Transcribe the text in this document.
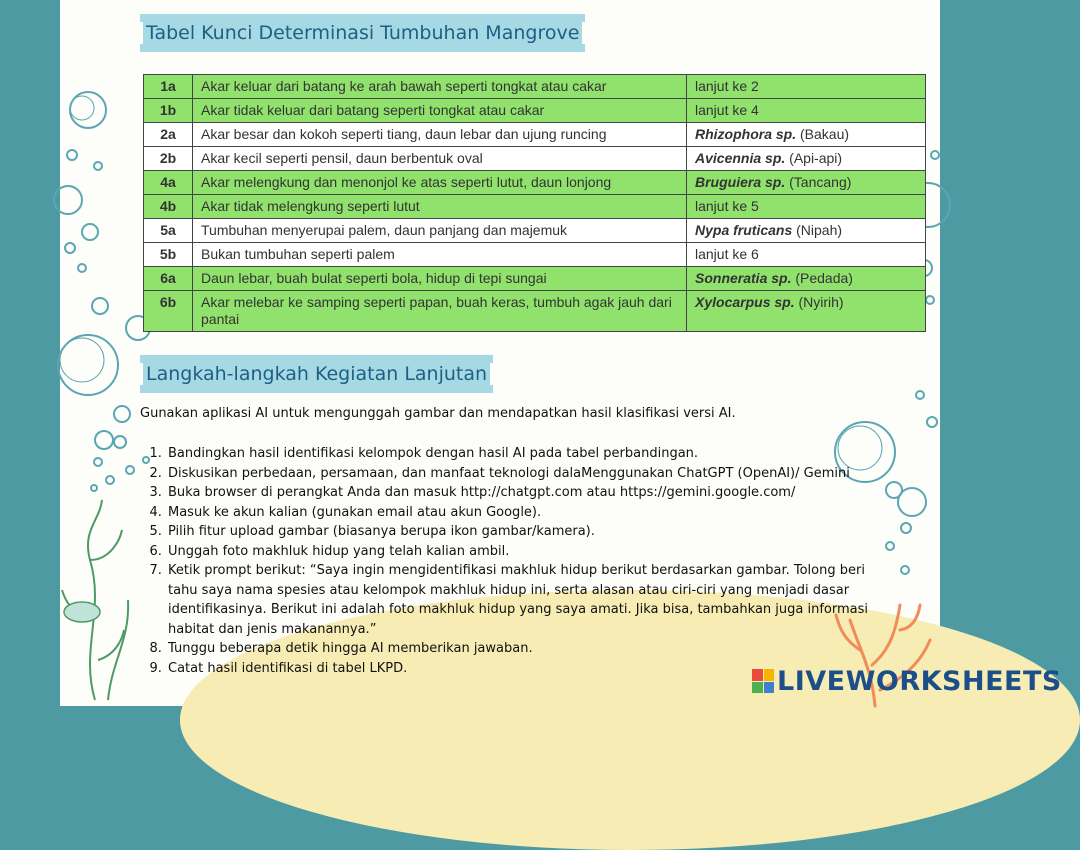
Tabel Kunci Determinasi Tumbuhan Mangrove
1a	Akar keluar dari batang ke arah bawah seperti tongkat atau cakar	lanjut ke 2
1b	Akar tidak keluar dari batang seperti tongkat atau cakar	lanjut ke 4
2a	Akar besar dan kokoh seperti tiang, daun lebar dan ujung runcing	Rhizophora sp. (Bakau)
2b	Akar kecil seperti pensil, daun berbentuk oval	Avicennia sp. (Api-api)
4a	Akar melengkung dan menonjol ke atas seperti lutut, daun lonjong	Bruguiera sp. (Tancang)
4b	Akar tidak melengkung seperti lutut	lanjut ke 5
5a	Tumbuhan menyerupai palem, daun panjang dan majemuk	Nypa fruticans (Nipah)
5b	Bukan tumbuhan seperti palem	lanjut ke 6
6a	Daun lebar, buah bulat seperti bola, hidup di tepi sungai	Sonneratia sp. (Pedada)
6b	Akar melebar ke samping seperti papan, buah keras, tumbuh agak jauh dari pantai	Xylocarpus sp. (Nyirih)
Langkah-langkah Kegiatan Lanjutan
Gunakan aplikasi AI untuk mengunggah gambar dan mendapatkan hasil klasifikasi versi AI.
1. Bandingkan hasil identifikasi kelompok dengan hasil AI pada tabel perbandingan.
2. Diskusikan perbedaan, persamaan, dan manfaat teknologi dalaMenggunakan ChatGPT (OpenAI)/ Gemini
3. Buka browser di perangkat Anda dan masuk http://chatgpt.com atau https://gemini.google.com/
4. Masuk ke akun kalian (gunakan email atau akun Google).
5. Pilih fitur upload gambar (biasanya berupa ikon gambar/kamera).
6. Unggah foto makhluk hidup yang telah kalian ambil.
7. Ketik prompt berikut: “Saya ingin mengidentifikasi makhluk hidup berikut berdasarkan gambar. Tolong beri tahu saya nama spesies atau kelompok makhluk hidup ini, serta alasan atau ciri-ciri yang menjadi dasar identifikasinya. Berikut ini adalah foto makhluk hidup yang saya amati. Jika bisa, tambahkan juga informasi habitat dan jenis makanannya.”
8. Tunggu beberapa detik hingga AI memberikan jawaban.
9. Catat hasil identifikasi di tabel LKPD.	LIVEWORKSHEETS
